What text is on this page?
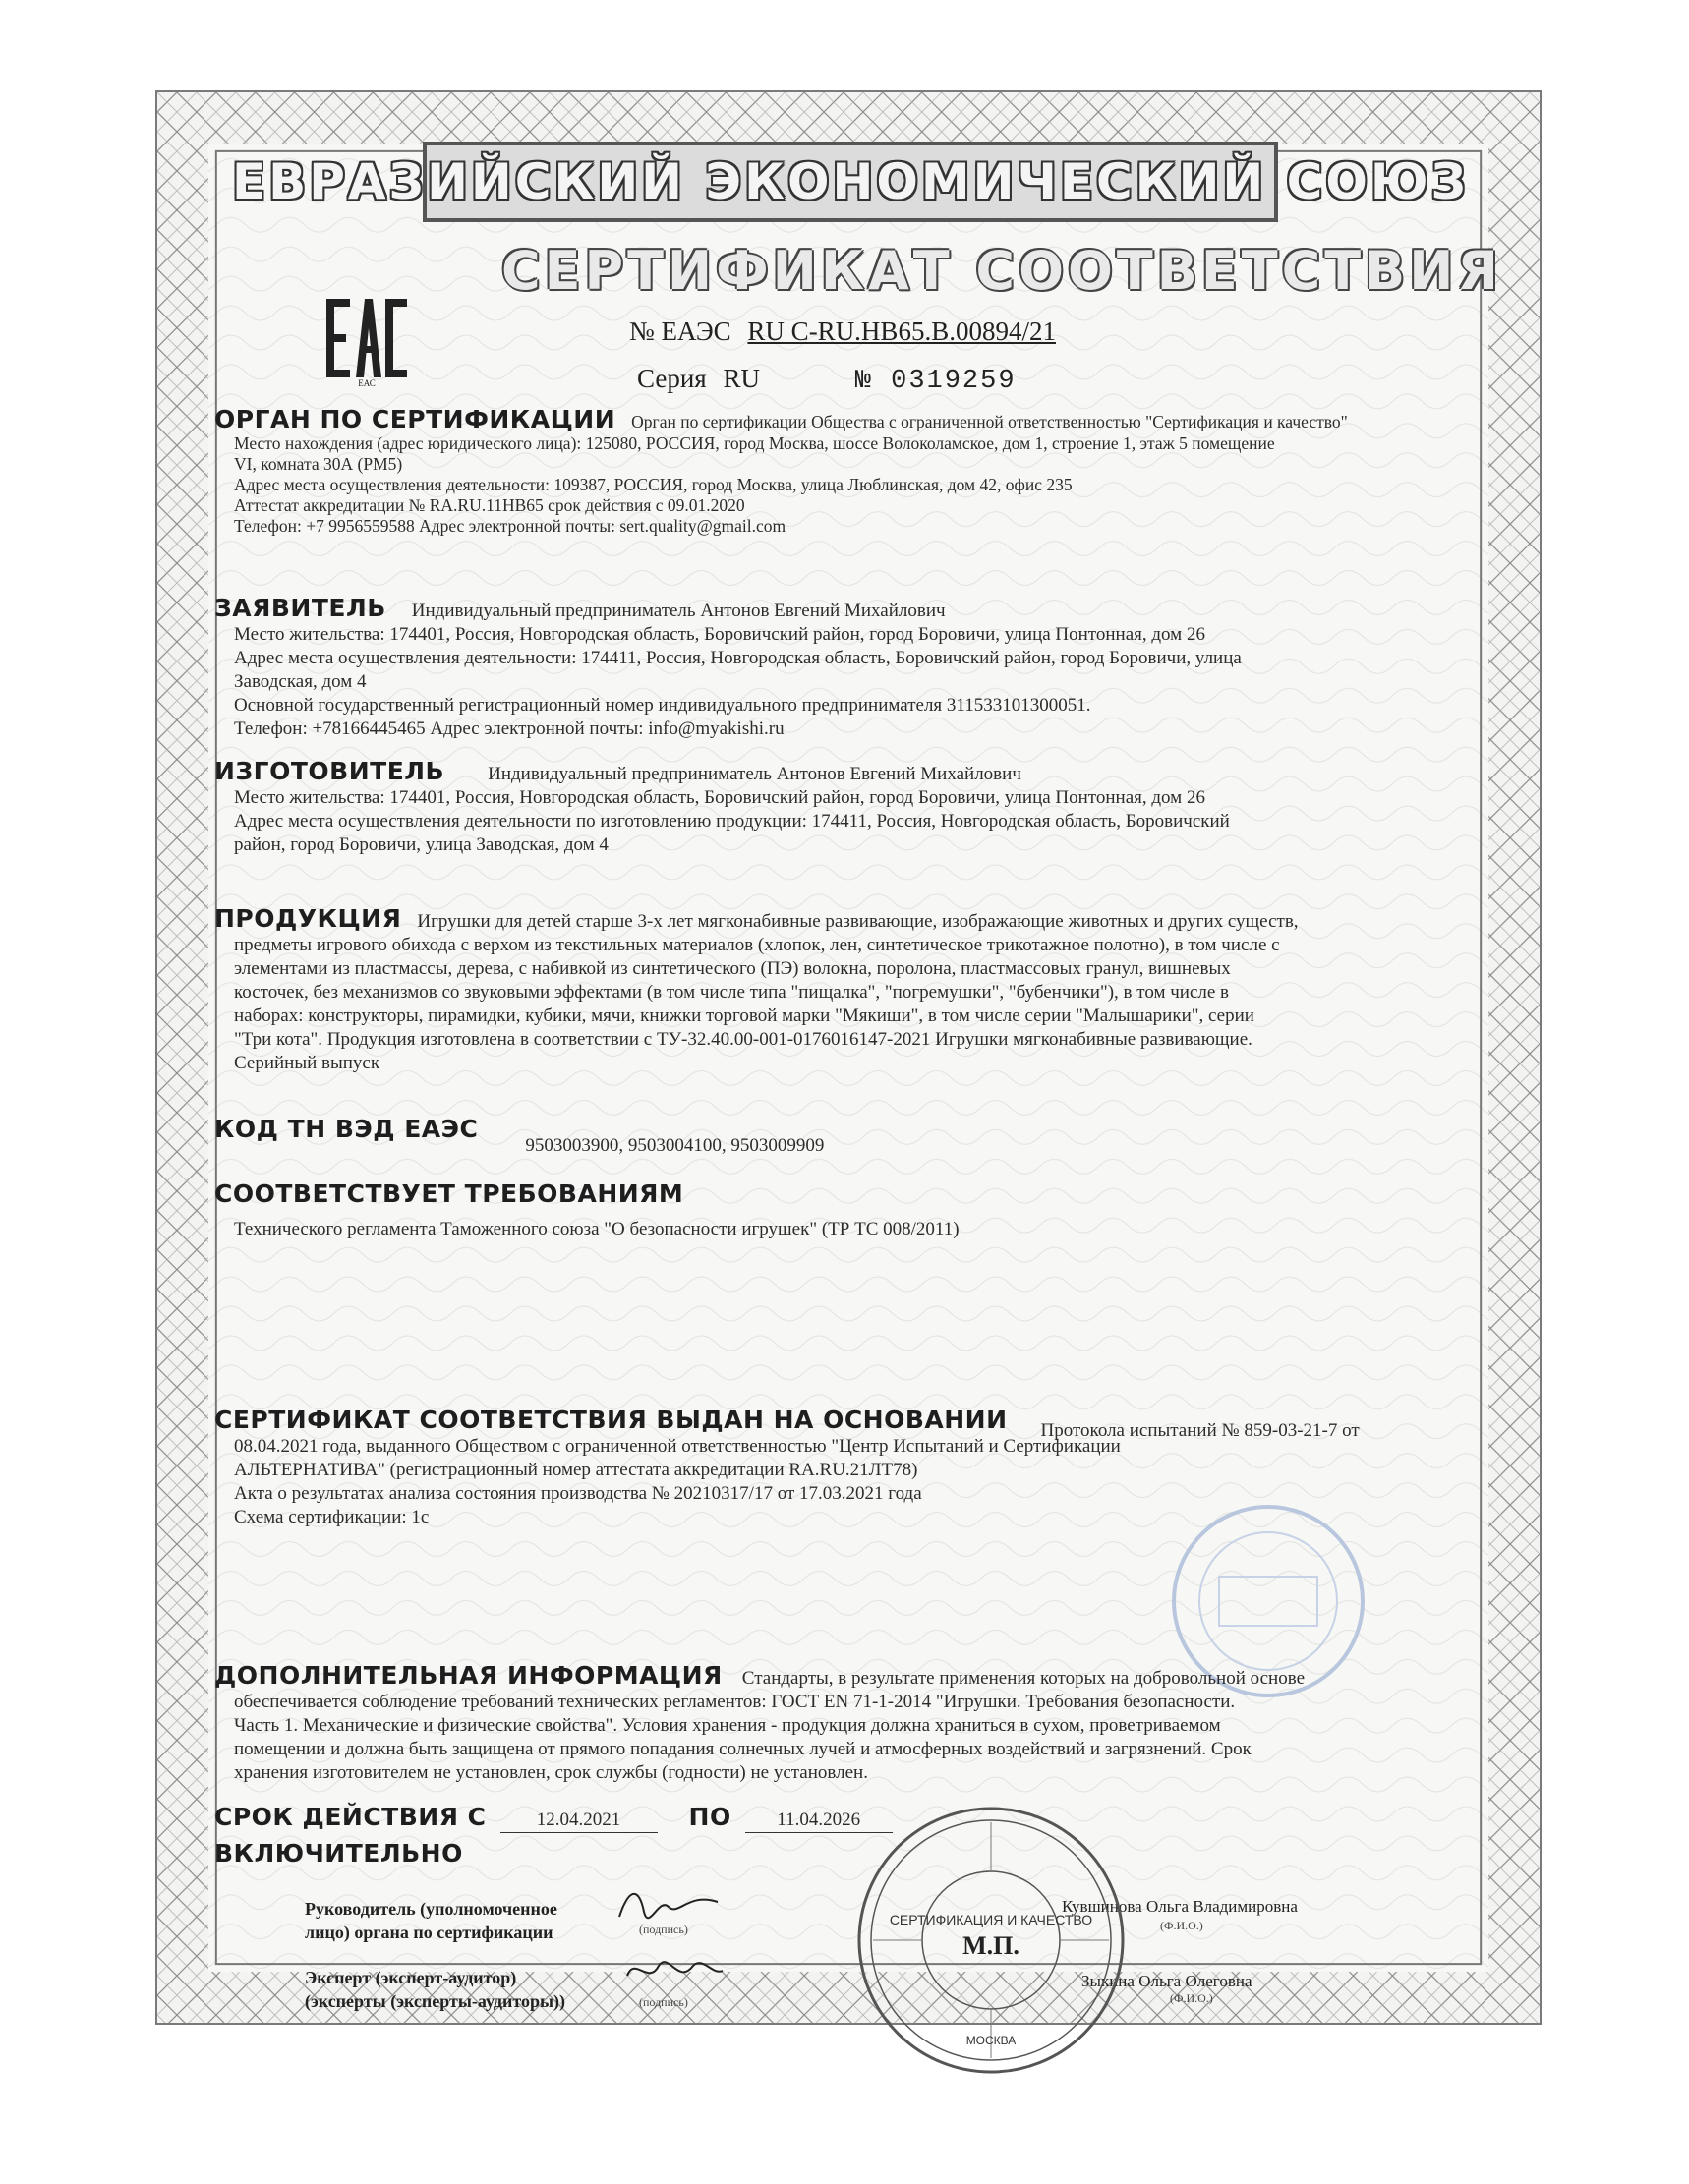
ЕВРАЗИЙСКИЙ ЭКОНОМИЧЕСКИЙ СОЮЗ
СЕРТИФИКАТ СООТВЕТСТВИЯ
ЕАС
№ ЕАЭС RU С-RU.НВ65.В.00894/21
Серия RU	№ 0319259
ОРГАН ПО СЕРТИФИКАЦИИ Орган по сертификации Общества с ограниченной ответственностью "Сертификация и качество"
Место нахождения (адрес юридического лица): 125080, РОССИЯ, город Москва, шоссе Волоколамское, дом 1, строение 1, этаж 5 помещение
VI, комната 30А (РМ5)
Адрес места осуществления деятельности: 109387, РОССИЯ, город Москва, улица Люблинская, дом 42, офис 235
Аттестат аккредитации № RA.RU.11НВ65 срок действия с 09.01.2020
Телефон: +7 9956559588 Адрес электронной почты: sert.quality@gmail.com
ЗАЯВИТЕЛЬ Индивидуальный предприниматель Антонов Евгений Михайлович
Место жительства: 174401, Россия, Новгородская область, Боровичский район, город Боровичи, улица Понтонная, дом 26
Адрес места осуществления деятельности: 174411, Россия, Новгородская область, Боровичский район, город Боровичи, улица
Заводская, дом 4
Основной государственный регистрационный номер индивидуального предпринимателя 311533101300051.
Телефон: +78166445465 Адрес электронной почты: info@myakishi.ru
ИЗГОТОВИТЕЛЬ Индивидуальный предприниматель Антонов Евгений Михайлович
Место жительства: 174401, Россия, Новгородская область, Боровичский район, город Боровичи, улица Понтонная, дом 26
Адрес места осуществления деятельности по изготовлению продукции: 174411, Россия, Новгородская область, Боровичский
район, город Боровичи, улица Заводская, дом 4
ПРОДУКЦИЯ Игрушки для детей старше 3-х лет мягконабивные развивающие, изображающие животных и других существ,
предметы игрового обихода с верхом из текстильных материалов (хлопок, лен, синтетическое трикотажное полотно), в том числе с
элементами из пластмассы, дерева, с набивкой из синтетического (ПЭ) волокна, поролона, пластмассовых гранул, вишневых
косточек, без механизмов со звуковыми эффектами (в том числе типа "пищалка", "погремушки", "бубенчики"), в том числе в
наборах: конструкторы, пирамидки, кубики, мячи, книжки торговой марки "Мякиши", в том числе серии "Малышарики", серии
"Три кота". Продукция изготовлена в соответствии с ТУ-32.40.00-001-0176016147-2021 Игрушки мягконабивные развивающие.
Серийный выпуск
КОД ТН ВЭД ЕАЭС 9503003900, 9503004100, 9503009909
СООТВЕТСТВУЕТ ТРЕБОВАНИЯМ
Технического регламента Таможенного союза "О безопасности игрушек" (ТР ТС 008/2011)
СЕРТИФИКАТ СООТВЕТСТВИЯ ВЫДАН НА ОСНОВАНИИ Протокола испытаний № 859-03-21-7 от
08.04.2021 года, выданного Обществом с ограниченной ответственностью "Центр Испытаний и Сертификации
АЛЬТЕРНАТИВА" (регистрационный номер аттестата аккредитации RA.RU.21ЛТ78)
Акта о результатах анализа состояния производства № 20210317/17 от 17.03.2021 года
Схема сертификации: 1с
ДОПОЛНИТЕЛЬНАЯ ИНФОРМАЦИЯ Стандарты, в результате применения которых на добровольной основе
обеспечивается соблюдение требований технических регламентов: ГОСТ EN 71-1-2014 "Игрушки. Требования безопасности.
Часть 1. Механические и физические свойства". Условия хранения - продукция должна храниться в сухом, проветриваемом
помещении и должна быть защищена от прямого попадания солнечных лучей и атмосферных воздействий и загрязнений. Срок
хранения изготовителем не установлен, срок службы (годности) не установлен.
СРОК ДЕЙСТВИЯ С	12.04.2021	ПО 11.04.2026
ВКЛЮЧИТЕЛЬНО
Руководитель (уполномоченное
лицо) органа по сертификации	(подпись)
Кувшинова Ольга Владимировна
(Ф.И.О.)
Эксперт (эксперт-аудитор)
(эксперты (эксперты-аудиторы))	(подпись)
Зыкина Ольга Олеговна
(Ф.И.О.)
СЕРТИФИКАЦИЯ И КАЧЕСТВО
М.П.
МОСКВА
